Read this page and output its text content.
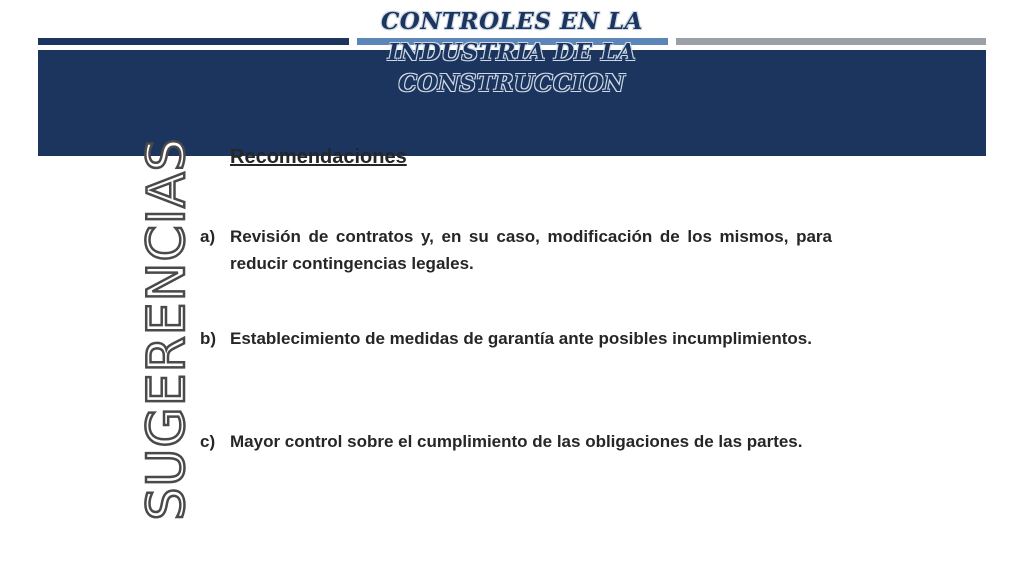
CONTROLES EN LA INDUSTRIA DE LA CONSTRUCCION
SUGERENCIAS Recomendaciones
a) Revisión de contratos y, en su caso, modificación de los mismos, para reducir contingencias legales.
b) Establecimiento de medidas de garantía ante posibles incumplimientos.
c) Mayor control sobre el cumplimiento de las obligaciones de las partes.
